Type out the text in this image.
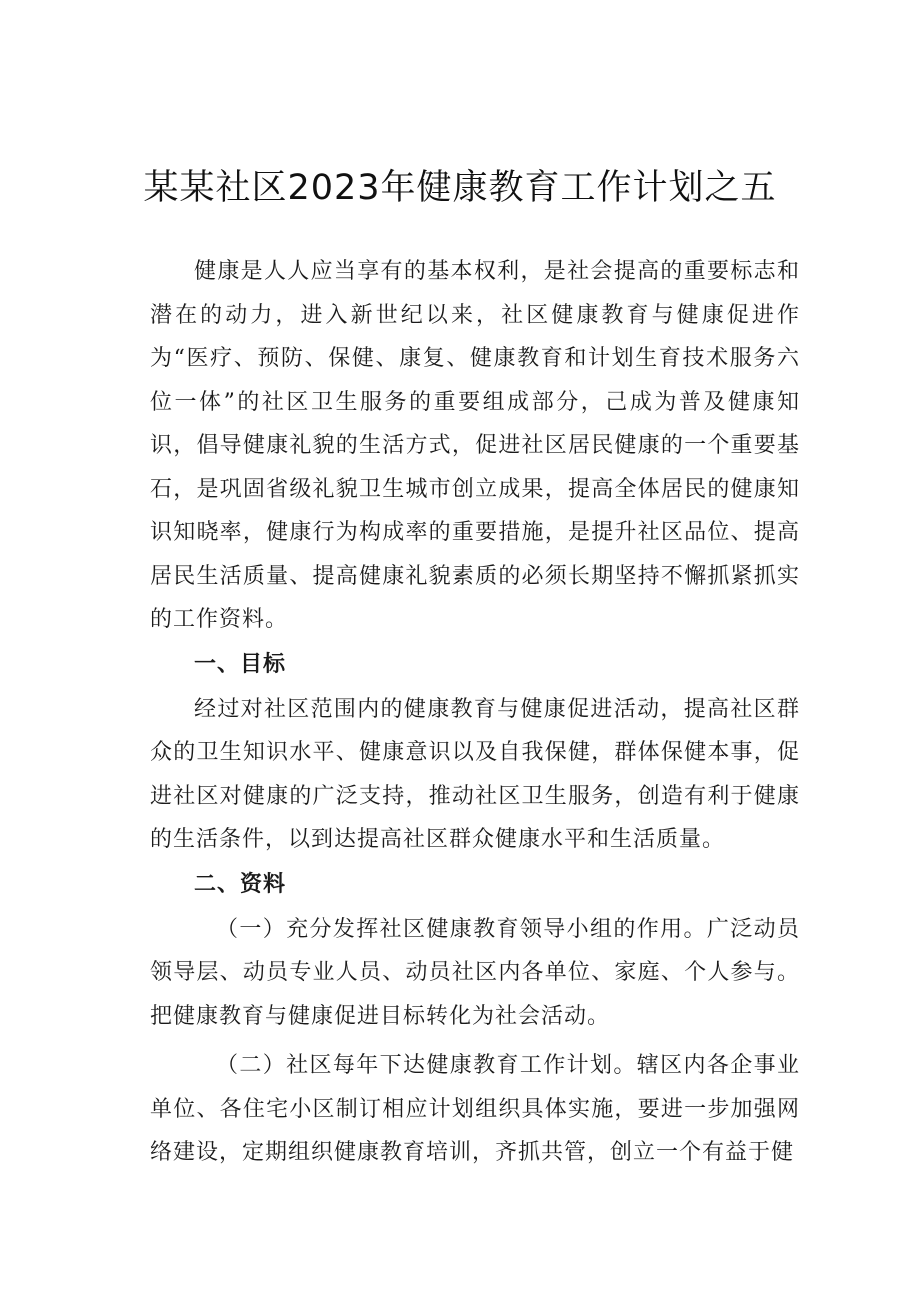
某某社区2023年健康教育工作计划之五

健康是人人应当享有的基本权利，是社会提高的重要标志和潜在的动力，进入新世纪以来，社区健康教育与健康促进作为“医疗、预防、保健、康复、健康教育和计划生育技术服务六位一体”的社区卫生服务的重要组成部分，己成为普及健康知识，倡导健康礼貌的生活方式，促进社区居民健康的一个重要基石，是巩固省级礼貌卫生城市创立成果，提高全体居民的健康知识知晓率，健康行为构成率的重要措施，是提升社区品位、提高居民生活质量、提高健康礼貌素质的必须长期坚持不懈抓紧抓实的工作资料。

一、目标

经过对社区范围内的健康教育与健康促进活动，提高社区群众的卫生知识水平、健康意识以及自我保健，群体保健本事，促进社区对健康的广泛支持，推动社区卫生服务，创造有利于健康的生活条件，以到达提高社区群众健康水平和生活质量。

二、资料

（一）充分发挥社区健康教育领导小组的作用。广泛动员领导层、动员专业人员、动员社区内各单位、家庭、个人参与。把健康教育与健康促进目标转化为社会活动。

（二）社区每年下达健康教育工作计划。辖区内各企事业单位、各住宅小区制订相应计划组织具体实施，要进一步加强网络建设，定期组织健康教育培训，齐抓共管，创立一个有益于健
